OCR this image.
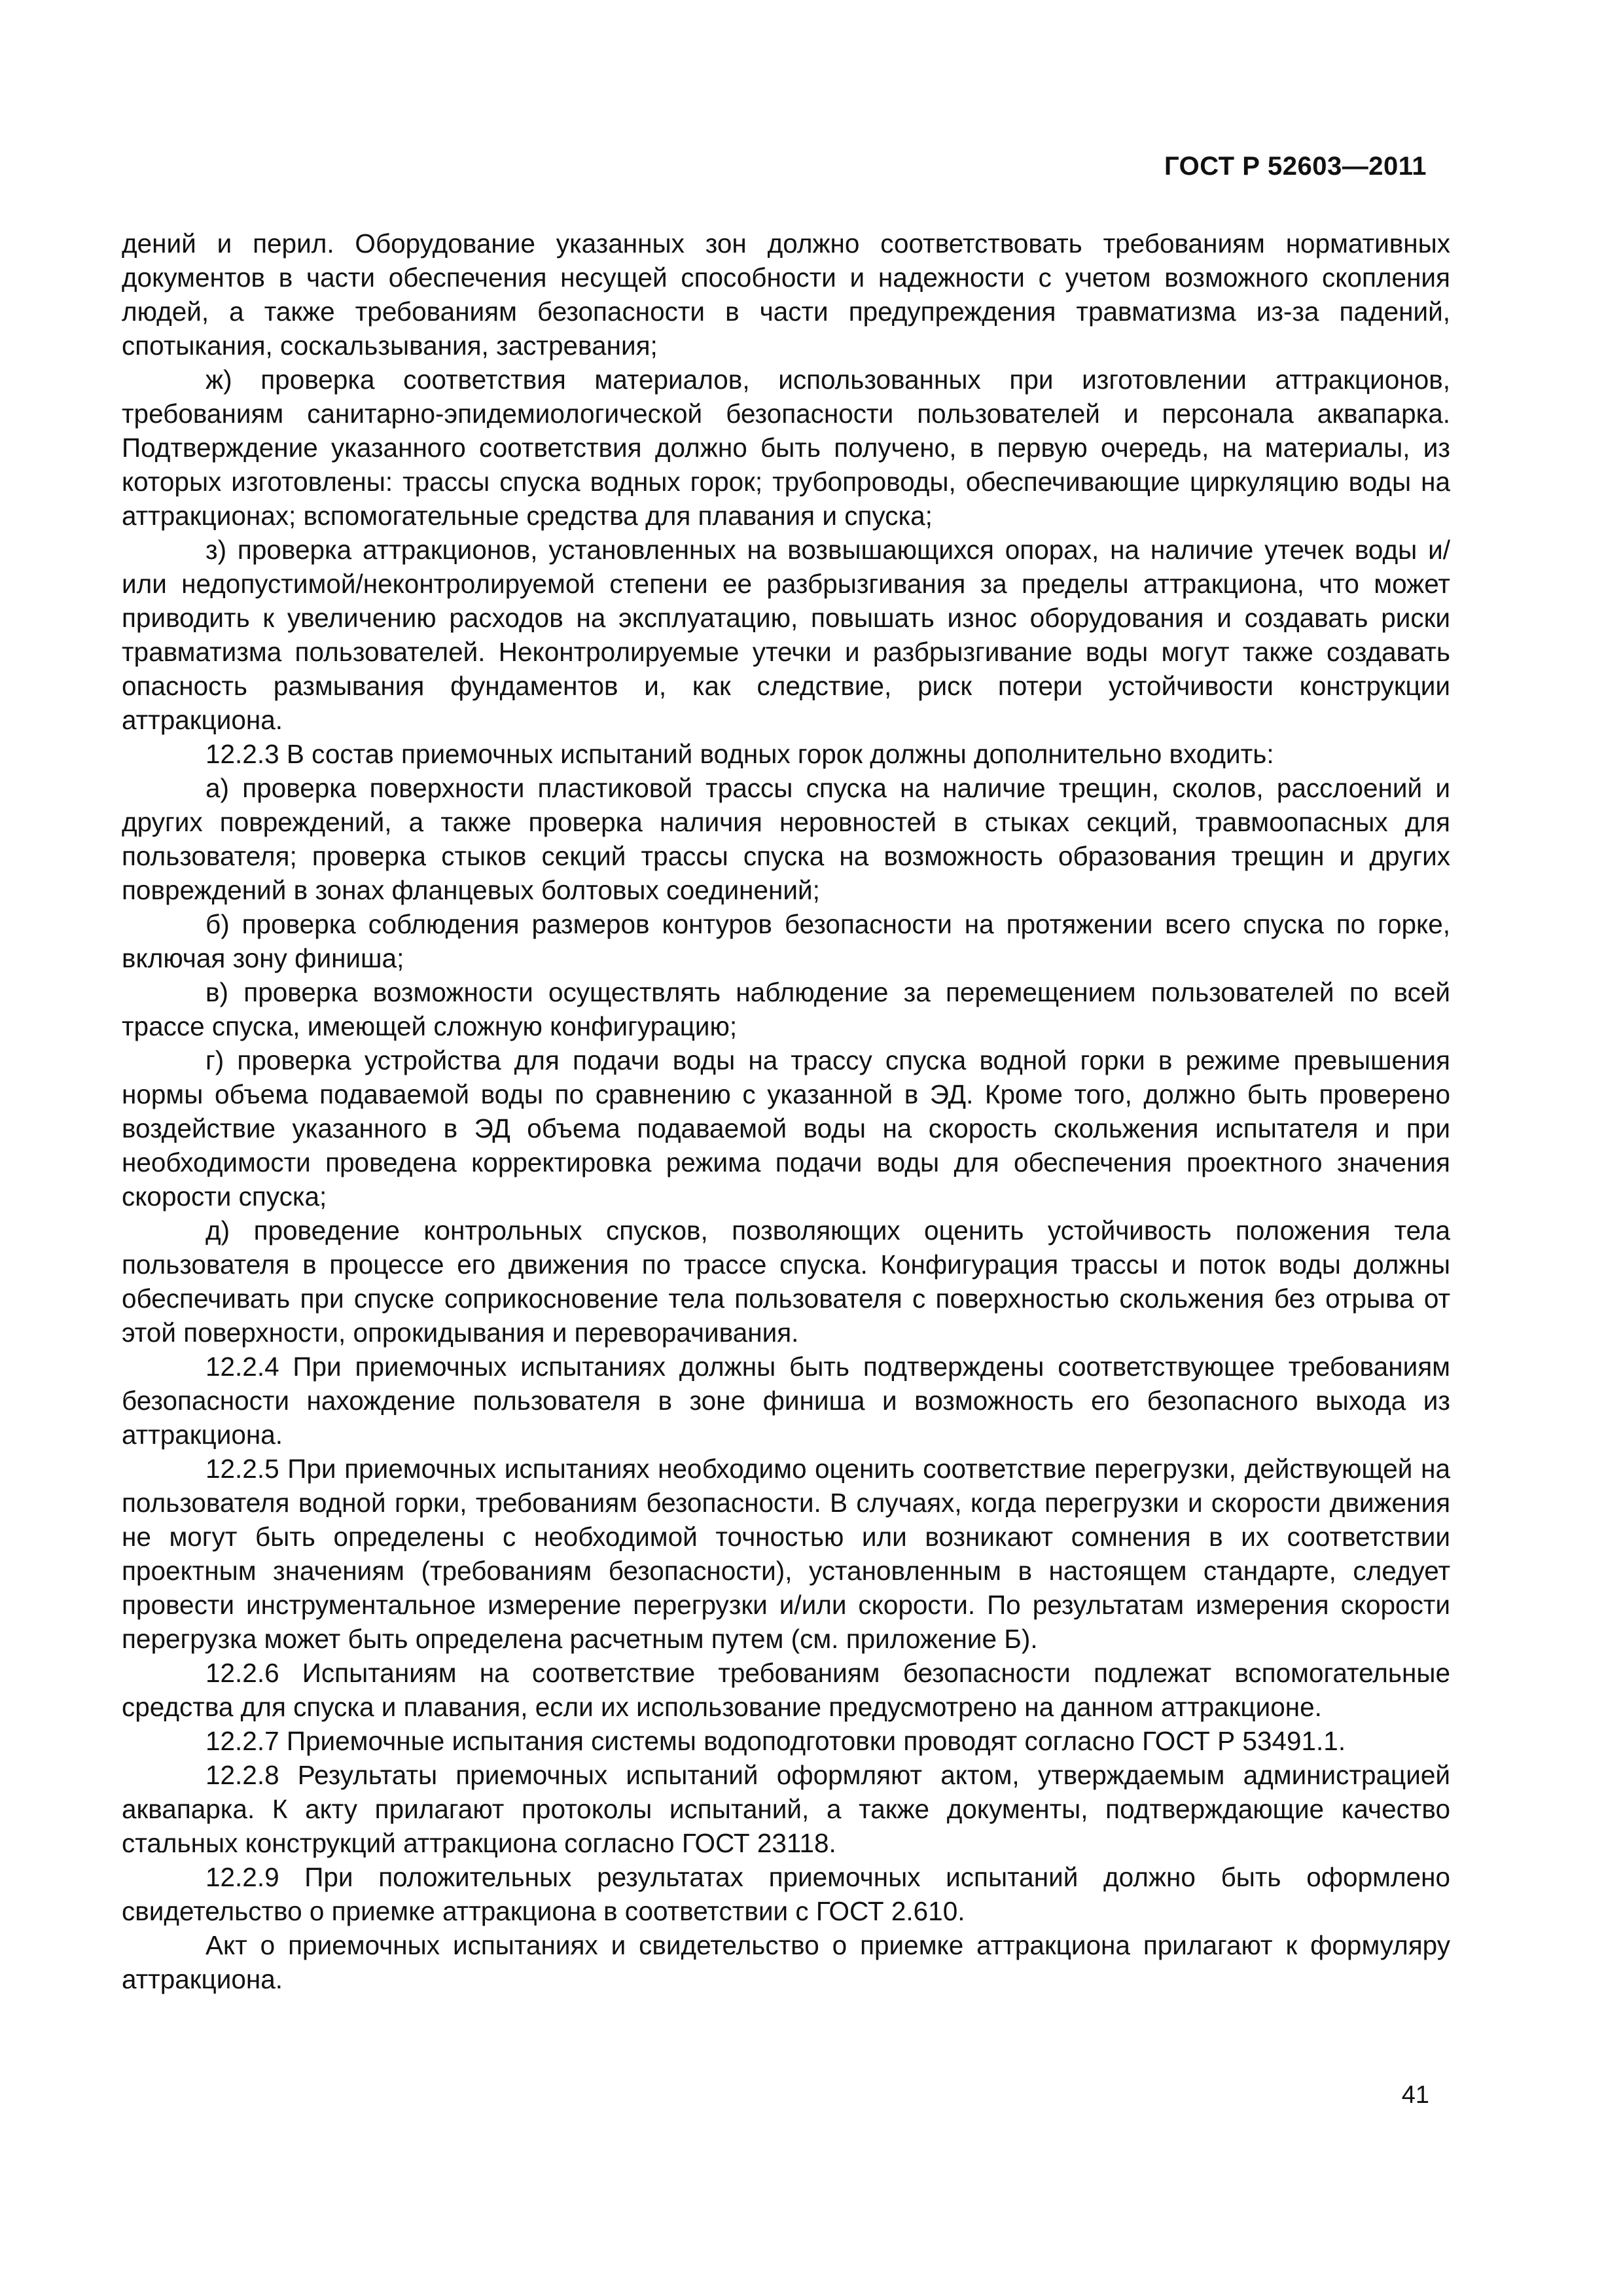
ГОСТ Р 52603—2011

дений и перил. Оборудование указанных зон должно соответствовать требованиям нормативных документов в части обеспечения несущей способности и надежности с учетом возможного скопления людей, а также требованиям безопасности в части предупреждения травматизма из-за падений, спотыкания, соскальзывания, застревания;

ж) проверка соответствия материалов, использованных при изготовлении аттракционов, требованиям санитарно-эпидемиологической безопасности пользователей и персонала аквапарка. Подтверждение указанного соответствия должно быть получено, в первую очередь, на материалы, из которых изготовлены: трассы спуска водных горок; трубопроводы, обеспечивающие циркуляцию воды на аттракционах; вспомогательные средства для плавания и спуска;

з) проверка аттракционов, установленных на возвышающихся опорах, на наличие утечек воды и/или недопустимой/неконтролируемой степени ее разбрызгивания за пределы аттракциона, что может приводить к увеличению расходов на эксплуатацию, повышать износ оборудования и создавать риски травматизма пользователей. Неконтролируемые утечки и разбрызгивание воды могут также создавать опасность размывания фундаментов и, как следствие, риск потери устойчивости конструкции аттракциона.

12.2.3 В состав приемочных испытаний водных горок должны дополнительно входить:

а) проверка поверхности пластиковой трассы спуска на наличие трещин, сколов, расслоений и других повреждений, а также проверка наличия неровностей в стыках секций, травмоопасных для пользователя; проверка стыков секций трассы спуска на возможность образования трещин и других повреждений в зонах фланцевых болтовых соединений;

б) проверка соблюдения размеров контуров безопасности на протяжении всего спуска по горке, включая зону финиша;

в) проверка возможности осуществлять наблюдение за перемещением пользователей по всей трассе спуска, имеющей сложную конфигурацию;

г) проверка устройства для подачи воды на трассу спуска водной горки в режиме превышения нормы объема подаваемой воды по сравнению с указанной в ЭД. Кроме того, должно быть проверено воздействие указанного в ЭД объема подаваемой воды на скорость скольжения испытателя и при необходимости проведена корректировка режима подачи воды для обеспечения проектного значения скорости спуска;

д) проведение контрольных спусков, позволяющих оценить устойчивость положения тела пользователя в процессе его движения по трассе спуска. Конфигурация трассы и поток воды должны обеспечивать при спуске соприкосновение тела пользователя с поверхностью скольжения без отрыва от этой поверхности, опрокидывания и переворачивания.

12.2.4 При приемочных испытаниях должны быть подтверждены соответствующее требованиям безопасности нахождение пользователя в зоне финиша и возможность его безопасного выхода из аттракциона.

12.2.5 При приемочных испытаниях необходимо оценить соответствие перегрузки, действующей на пользователя водной горки, требованиям безопасности. В случаях, когда перегрузки и скорости движения не могут быть определены с необходимой точностью или возникают сомнения в их соответствии проектным значениям (требованиям безопасности), установленным в настоящем стандарте, следует провести инструментальное измерение перегрузки и/или скорости. По результатам измерения скорости перегрузка может быть определена расчетным путем (см. приложение Б).

12.2.6 Испытаниям на соответствие требованиям безопасности подлежат вспомогательные средства для спуска и плавания, если их использование предусмотрено на данном аттракционе.

12.2.7 Приемочные испытания системы водоподготовки проводят согласно ГОСТ Р 53491.1.

12.2.8 Результаты приемочных испытаний оформляют актом, утверждаемым администрацией аквапарка. К акту прилагают протоколы испытаний, а также документы, подтверждающие качество стальных конструкций аттракциона согласно ГОСТ 23118.

12.2.9 При положительных результатах приемочных испытаний должно быть оформлено свидетельство о приемке аттракциона в соответствии с ГОСТ 2.610.

Акт о приемочных испытаниях и свидетельство о приемке аттракциона прилагают к формуляру аттракциона.

41
